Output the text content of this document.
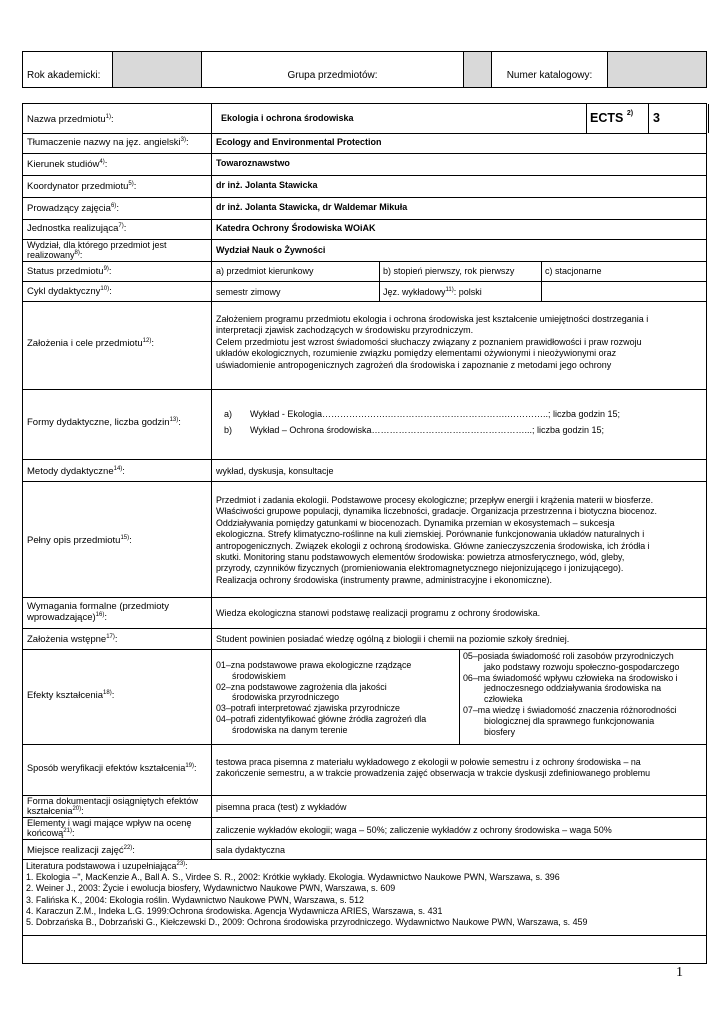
Rok akademicki:	Grupa przedmiotów:	Numer katalogowy:
Nazwa przedmiotu$^{1)}$:	Ekologia i ochrona środowiska	ECTS $^{2)}$ 3
Tłumaczenie nazwy na jęz. angielski$^{3)}$:	Ecology and Environmental Protection
Kierunek studiów$^{4)}$:	Towaroznawstwo
Koordynator przedmiotu$^{5)}$:	dr inż. Jolanta Stawicka
Prowadzący zajęcia$^{6)}$:	dr inż. Jolanta Stawicka, dr Waldemar Mikuła
Jednostka realizująca$^{7)}$:	Katedra Ochrony Środowiska WOiAK
Wydział, dla którego przedmiot jest
realizowany$^{8)}$:	Wydział Nauk o Żywności
Status przedmiotu$^{9)}$:	a) przedmiot kierunkowy	b) stopień pierwszy, rok pierwszy	c) stacjonarne
Cykl dydaktyczny$^{10)}$:	semestr zimowy	Jęz. wykładowy$^{11)}$: polski
Założenia i cele przedmiotu$^{12)}$:
Założeniem programu przedmiotu ekologia i ochrona środowiska jest kształcenie umiejętności dostrzegania i
interpretacji zjawisk zachodzących w środowisku przyrodniczym.
Celem przedmiotu jest wzrost świadomości słuchaczy związany z poznaniem prawidłowości i praw rozwoju
układów ekologicznych, rozumienie związku pomiędzy elementami ożywionymi i nieożywionymi oraz
uświadomienie antropogenicznych zagrożeń dla środowiska i zapoznanie z metodami jego ochrony
Formy dydaktyczne, liczba godzin$^{13)}$:
a) Wykład - Ekologia………………….………………………………….…………..; liczba godzin 15;
b) Wykład – Ochrona środowiska……………………………………………...; liczba godzin 15;
Metody dydaktyczne$^{14)}$:	wykład, dyskusja, konsultacje
Pełny opis przedmiotu$^{15)}$:
Przedmiot i zadania ekologii. Podstawowe procesy ekologiczne; przepływ energii i krążenia materii w biosferze.
Właściwości grupowe populacji, dynamika liczebności, gradacje. Organizacja przestrzenna i biotyczna biocenoz.
Oddziaływania pomiędzy gatunkami w biocenozach. Dynamika przemian w ekosystemach – sukcesja
ekologiczna. Strefy klimatyczno-roślinne na kuli ziemskiej. Porównanie funkcjonowania układów naturalnych i
antropogenicznych. Związek ekologii z ochroną środowiska. Główne zanieczyszczenia środowiska, ich źródła i
skutki. Monitoring stanu podstawowych elementów środowiska: powietrza atmosferycznego, wód, gleby,
przyrody, czynników fizycznych (promieniowania elektromagnetycznego niejonizującego i jonizującego).
Realizacja ochrony środowiska (instrumenty prawne, administracyjne i ekonomiczne).
Wymagania formalne (przedmioty
wprowadzające)$^{16)}$:	Wiedza ekologiczna stanowi podstawę realizacji programu z ochrony środowiska.
Założenia wstępne$^{17)}$:	Student powinien posiadać wiedzę ogólną z biologii i chemii na poziomie szkoły średniej.
Efekty kształcenia$^{18)}$:
01–zna podstawowe prawa ekologiczne rządzące
środowiskiem
02–zna podstawowe zagrożenia dla jakości
środowiska przyrodniczego
03–potrafi interpretować zjawiska przyrodnicze
04–potrafi zidentyfikować główne źródła zagrożeń dla
środowiska na danym terenie
05–posiada świadomość roli zasobów przyrodniczych
jako podstawy rozwoju społeczno-gospodarczego
06–ma świadomość wpływu człowieka na środowisko i
jednoczesnego oddziaływania środowiska na
człowieka
07–ma wiedzę i świadomość znaczenia różnorodności
biologicznej dla sprawnego funkcjonowania
biosfery
Sposób weryfikacji efektów kształcenia$^{19)}$:
testowa praca pisemna z materiału wykładowego z ekologii w połowie semestru i z ochrony środowiska – na
zakończenie semestru, a w trakcie prowadzenia zajęć obserwacja w trakcie dyskusji zdefiniowanego problemu
Forma dokumentacji osiągniętych efektów
kształcenia$^{20)}$:	pisemna praca (test) z wykładów
Elementy i wagi mające wpływ na ocenę
końcową$^{21)}$:	zaliczenie wykładów ekologii; waga – 50%; zaliczenie wykładów z ochrony środowiska – waga 50%
Miejsce realizacji zajęć$^{22)}$:	sala dydaktyczna
Literatura podstawowa i uzupełniająca$^{23)}$:
1. Ekologia –", MacKenzie A., Ball A. S., Virdee S. R., 2002: Krótkie wykłady. Ekologia. Wydawnictwo Naukowe PWN, Warszawa, s. 396
2. Weiner J., 2003: Życie i ewolucja biosfery, Wydawnictwo Naukowe PWN, Warszawa, s. 609
3. Falińska K., 2004: Ekologia roślin. Wydawnictwo Naukowe PWN, Warszawa, s. 512
4. Karaczun Z.M., Indeka L.G. 1999:Ochrona środowiska. Agencja Wydawnicza ARIES, Warszawa, s. 431
5. Dobrzańska B., Dobrzański G., Kiełczewski D., 2009: Ochrona środowiska przyrodniczego. Wydawnictwo Naukowe PWN, Warszawa, s. 459
1
